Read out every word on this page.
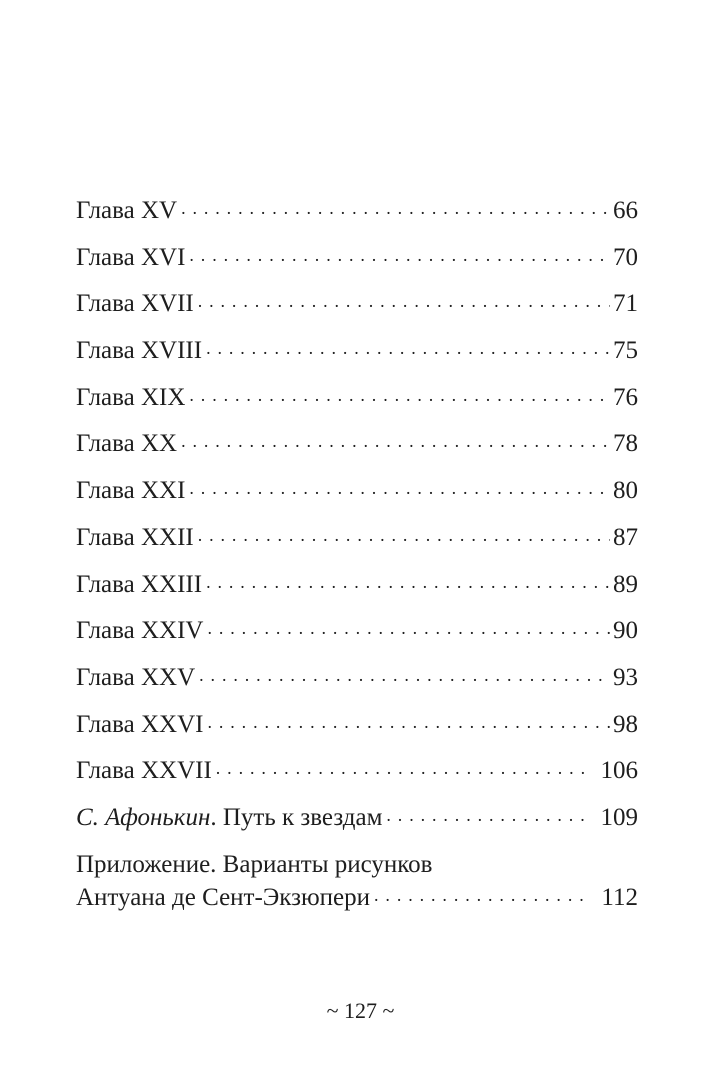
Глава XV . . .	66
Глава XVI . . .	70
Глава XVII . . .	71
Глава XVIII . . .	75
Глава XIX . . .	76
Глава XX . . .	78
Глава XXI . . .	80
Глава XXII . . .	87
Глава XXIII . . .	89
Глава XXIV . . .	90
Глава XXV . . .	93
Глава XXVI . . .	98
Глава XXVII . . .	106
С. Афонькин. Путь к звездам . . .	109
Приложение. Варианты рисунков
Антуана де Сент-Экзюпери . . .	112
~ 127 ~
